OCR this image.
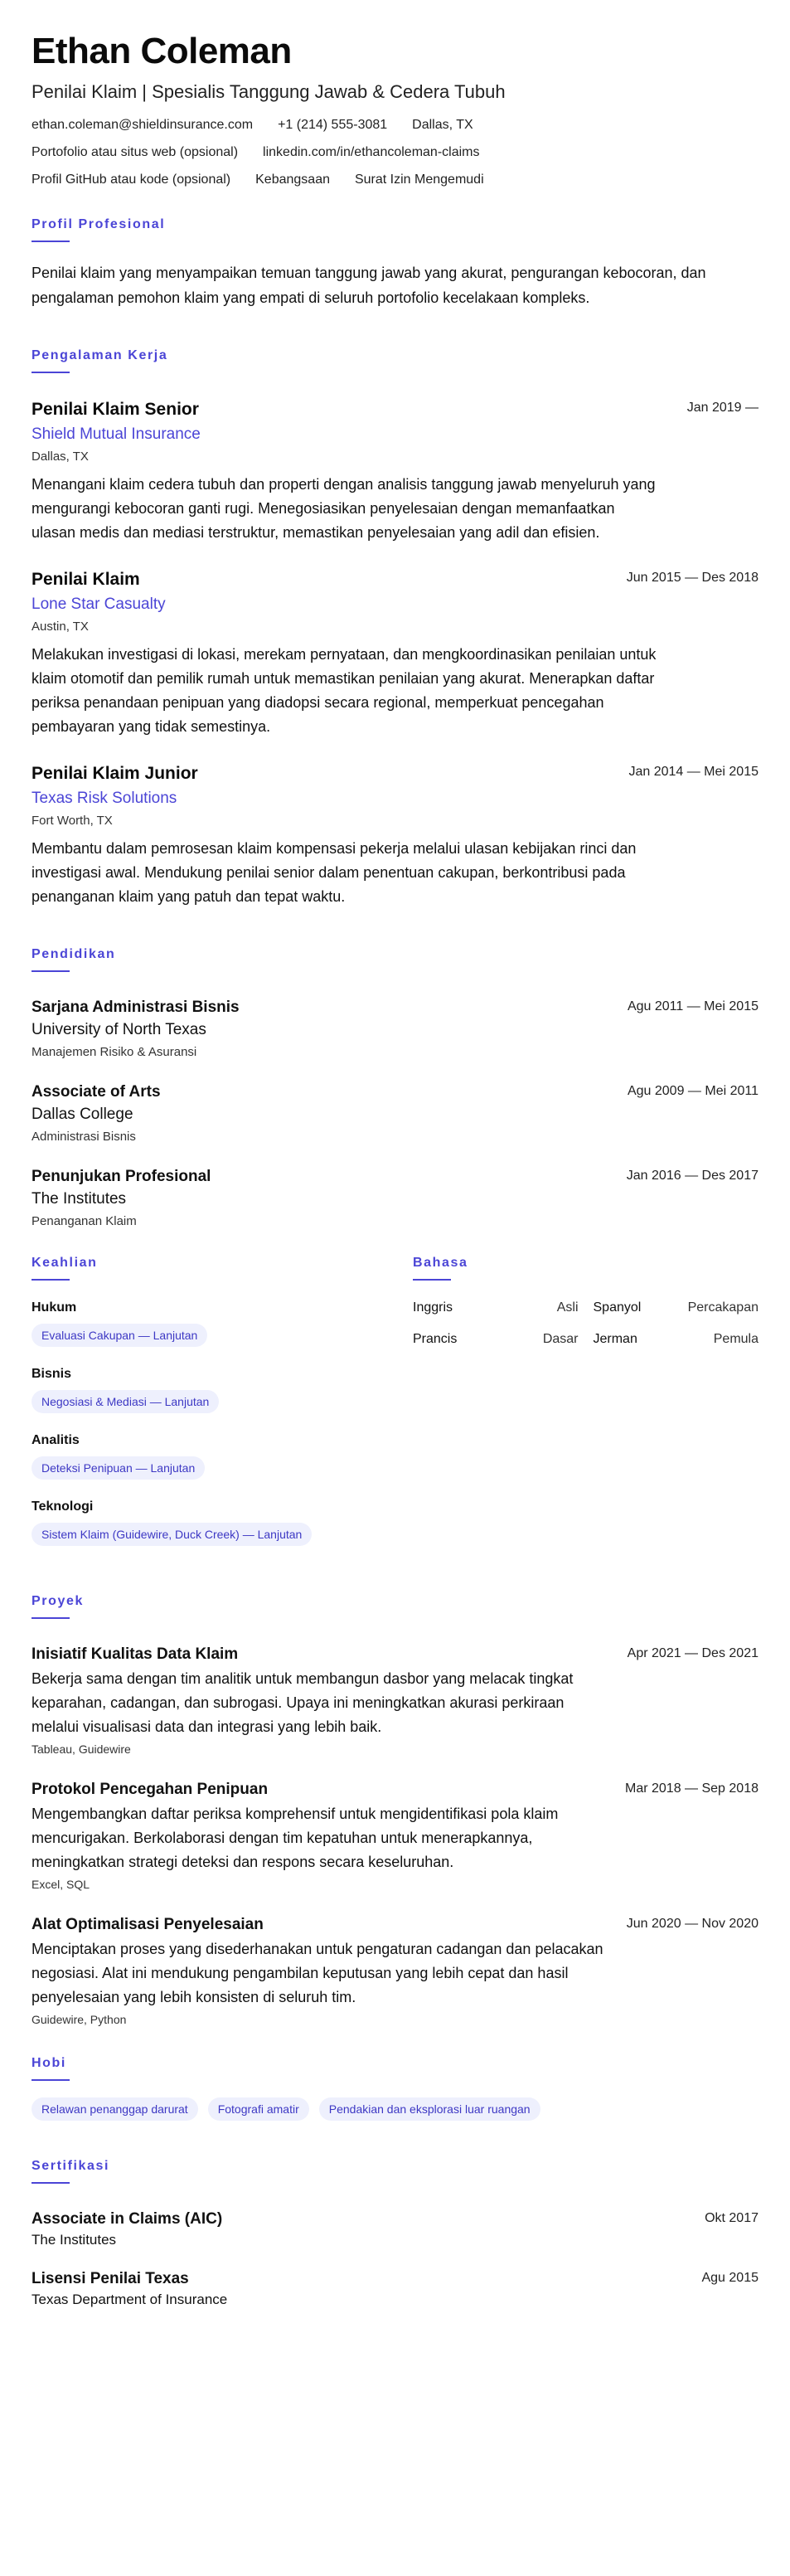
Ethan Coleman
Penilai Klaim | Spesialis Tanggung Jawab & Cedera Tubuh
ethan.coleman@shieldinsurance.com +1 (214) 555-3081 Dallas, TX
Portofolio atau situs web (opsional) linkedin.com/in/ethancoleman-claims
Profil GitHub atau kode (opsional) Kebangsaan Surat Izin Mengemudi
Profil Profesional
Penilai klaim yang menyampaikan temuan tanggung jawab yang akurat, pengurangan kebocoran, dan pengalaman pemohon klaim yang empati di seluruh portofolio kecelakaan kompleks.
Pengalaman Kerja
Penilai Klaim Senior	Jan 2019 —
Shield Mutual Insurance
Dallas, TX
Menangani klaim cedera tubuh dan properti dengan analisis tanggung jawab menyeluruh yang mengurangi kebocoran ganti rugi. Menegosiasikan penyelesaian dengan memanfaatkan ulasan medis dan mediasi terstruktur, memastikan penyelesaian yang adil dan efisien.
Penilai Klaim	Jun 2015 — Des 2018
Lone Star Casualty
Austin, TX
Melakukan investigasi di lokasi, merekam pernyataan, dan mengkoordinasikan penilaian untuk klaim otomotif dan pemilik rumah untuk memastikan penilaian yang akurat. Menerapkan daftar periksa penandaan penipuan yang diadopsi secara regional, memperkuat pencegahan pembayaran yang tidak semestinya.
Penilai Klaim Junior	Jan 2014 — Mei 2015
Texas Risk Solutions
Fort Worth, TX
Membantu dalam pemrosesan klaim kompensasi pekerja melalui ulasan kebijakan rinci dan investigasi awal. Mendukung penilai senior dalam penentuan cakupan, berkontribusi pada penanganan klaim yang patuh dan tepat waktu.
Pendidikan
Sarjana Administrasi Bisnis	Agu 2011 — Mei 2015
University of North Texas
Manajemen Risiko & Asuransi
Associate of Arts	Agu 2009 — Mei 2011
Dallas College
Administrasi Bisnis
Penunjukan Profesional	Jan 2016 — Des 2017
The Institutes
Penanganan Klaim
Keahlian
Hukum
Evaluasi Cakupan — Lanjutan
Bisnis
Negosiasi & Mediasi — Lanjutan
Analitis
Deteksi Penipuan — Lanjutan
Teknologi
Sistem Klaim (Guidewire, Duck Creek) — Lanjutan
Bahasa
Inggris	Asli Spanyol	Percakapan
Prancis	Dasar Jerman	Pemula
Proyek
Inisiatif Kualitas Data Klaim	Apr 2021 — Des 2021
Bekerja sama dengan tim analitik untuk membangun dasbor yang melacak tingkat keparahan, cadangan, dan subrogasi. Upaya ini meningkatkan akurasi perkiraan melalui visualisasi data dan integrasi yang lebih baik.
Tableau, Guidewire
Protokol Pencegahan Penipuan	Mar 2018 — Sep 2018
Mengembangkan daftar periksa komprehensif untuk mengidentifikasi pola klaim mencurigakan. Berkolaborasi dengan tim kepatuhan untuk menerapkannya, meningkatkan strategi deteksi dan respons secara keseluruhan.
Excel, SQL
Alat Optimalisasi Penyelesaian	Jun 2020 — Nov 2020
Menciptakan proses yang disederhanakan untuk pengaturan cadangan dan pelacakan negosiasi. Alat ini mendukung pengambilan keputusan yang lebih cepat dan hasil penyelesaian yang lebih konsisten di seluruh tim.
Guidewire, Python
Hobi
Relawan penanggap darurat	Fotografi amatir	Pendakian dan eksplorasi luar ruangan
Sertifikasi
Associate in Claims (AIC)	Okt 2017
The Institutes
Lisensi Penilai Texas	Agu 2015
Texas Department of Insurance
